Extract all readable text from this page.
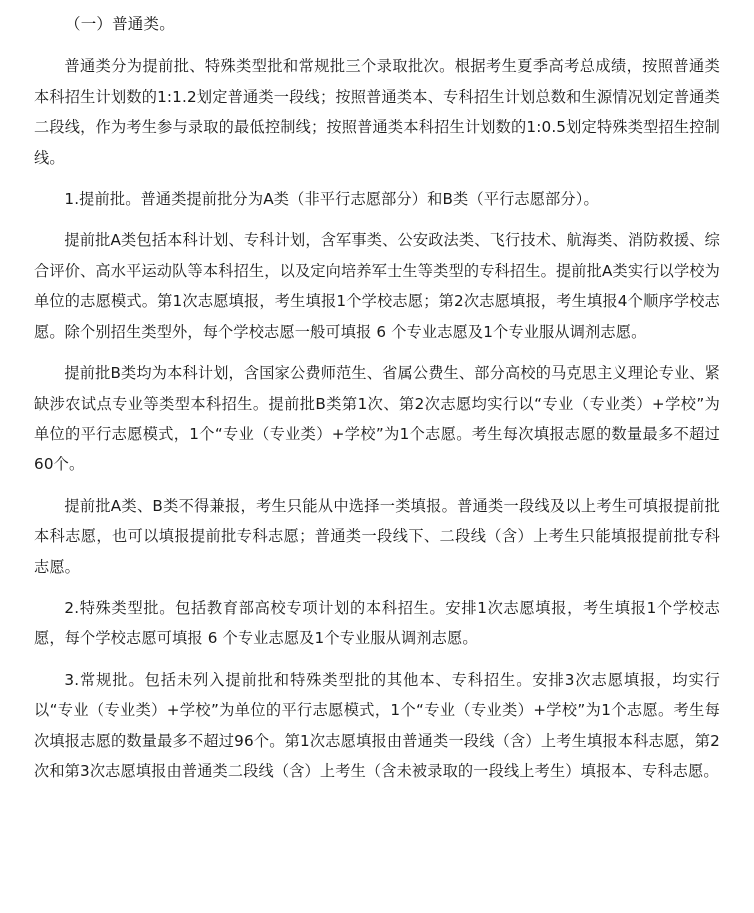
（一）普通类。

普通类分为提前批、特殊类型批和常规批三个录取批次。根据考生夏季高考总成绩，按照普通类本科招生计划数的1:1.2划定普通类一段线；按照普通类本、专科招生计划总数和生源情况划定普通类二段线，作为考生参与录取的最低控制线；按照普通类本科招生计划数的1:0.5划定特殊类型招生控制线。

1.提前批。普通类提前批分为A类（非平行志愿部分）和B类（平行志愿部分）。

提前批A类包括本科计划、专科计划，含军事类、公安政法类、飞行技术、航海类、消防救援、综合评价、高水平运动队等本科招生，以及定向培养军士生等类型的专科招生。提前批A类实行以学校为单位的志愿模式。第1次志愿填报，考生填报1个学校志愿；第2次志愿填报，考生填报4个顺序学校志愿。除个别招生类型外，每个学校志愿一般可填报 6 个专业志愿及1个专业服从调剂志愿。

提前批B类均为本科计划，含国家公费师范生、省属公费生、部分高校的马克思主义理论专业、紧缺涉农试点专业等类型本科招生。提前批B类第1次、第2次志愿均实行以“专业（专业类）+学校”为单位的平行志愿模式，1个“专业（专业类）+学校”为1个志愿。考生每次填报志愿的数量最多不超过60个。

提前批A类、B类不得兼报，考生只能从中选择一类填报。普通类一段线及以上考生可填报提前批本科志愿，也可以填报提前批专科志愿；普通类一段线下、二段线（含）上考生只能填报提前批专科志愿。

2.特殊类型批。包括教育部高校专项计划的本科招生。安排1次志愿填报，考生填报1个学校志愿，每个学校志愿可填报 6 个专业志愿及1个专业服从调剂志愿。

3.常规批。包括未列入提前批和特殊类型批的其他本、专科招生。安排3次志愿填报，均实行以“专业（专业类）+学校”为单位的平行志愿模式，1个“专业（专业类）+学校”为1个志愿。考生每次填报志愿的数量最多不超过96个。第1次志愿填报由普通类一段线（含）上考生填报本科志愿，第2次和第3次志愿填报由普通类二段线（含）上考生（含未被录取的一段线上考生）填报本、专科志愿。
